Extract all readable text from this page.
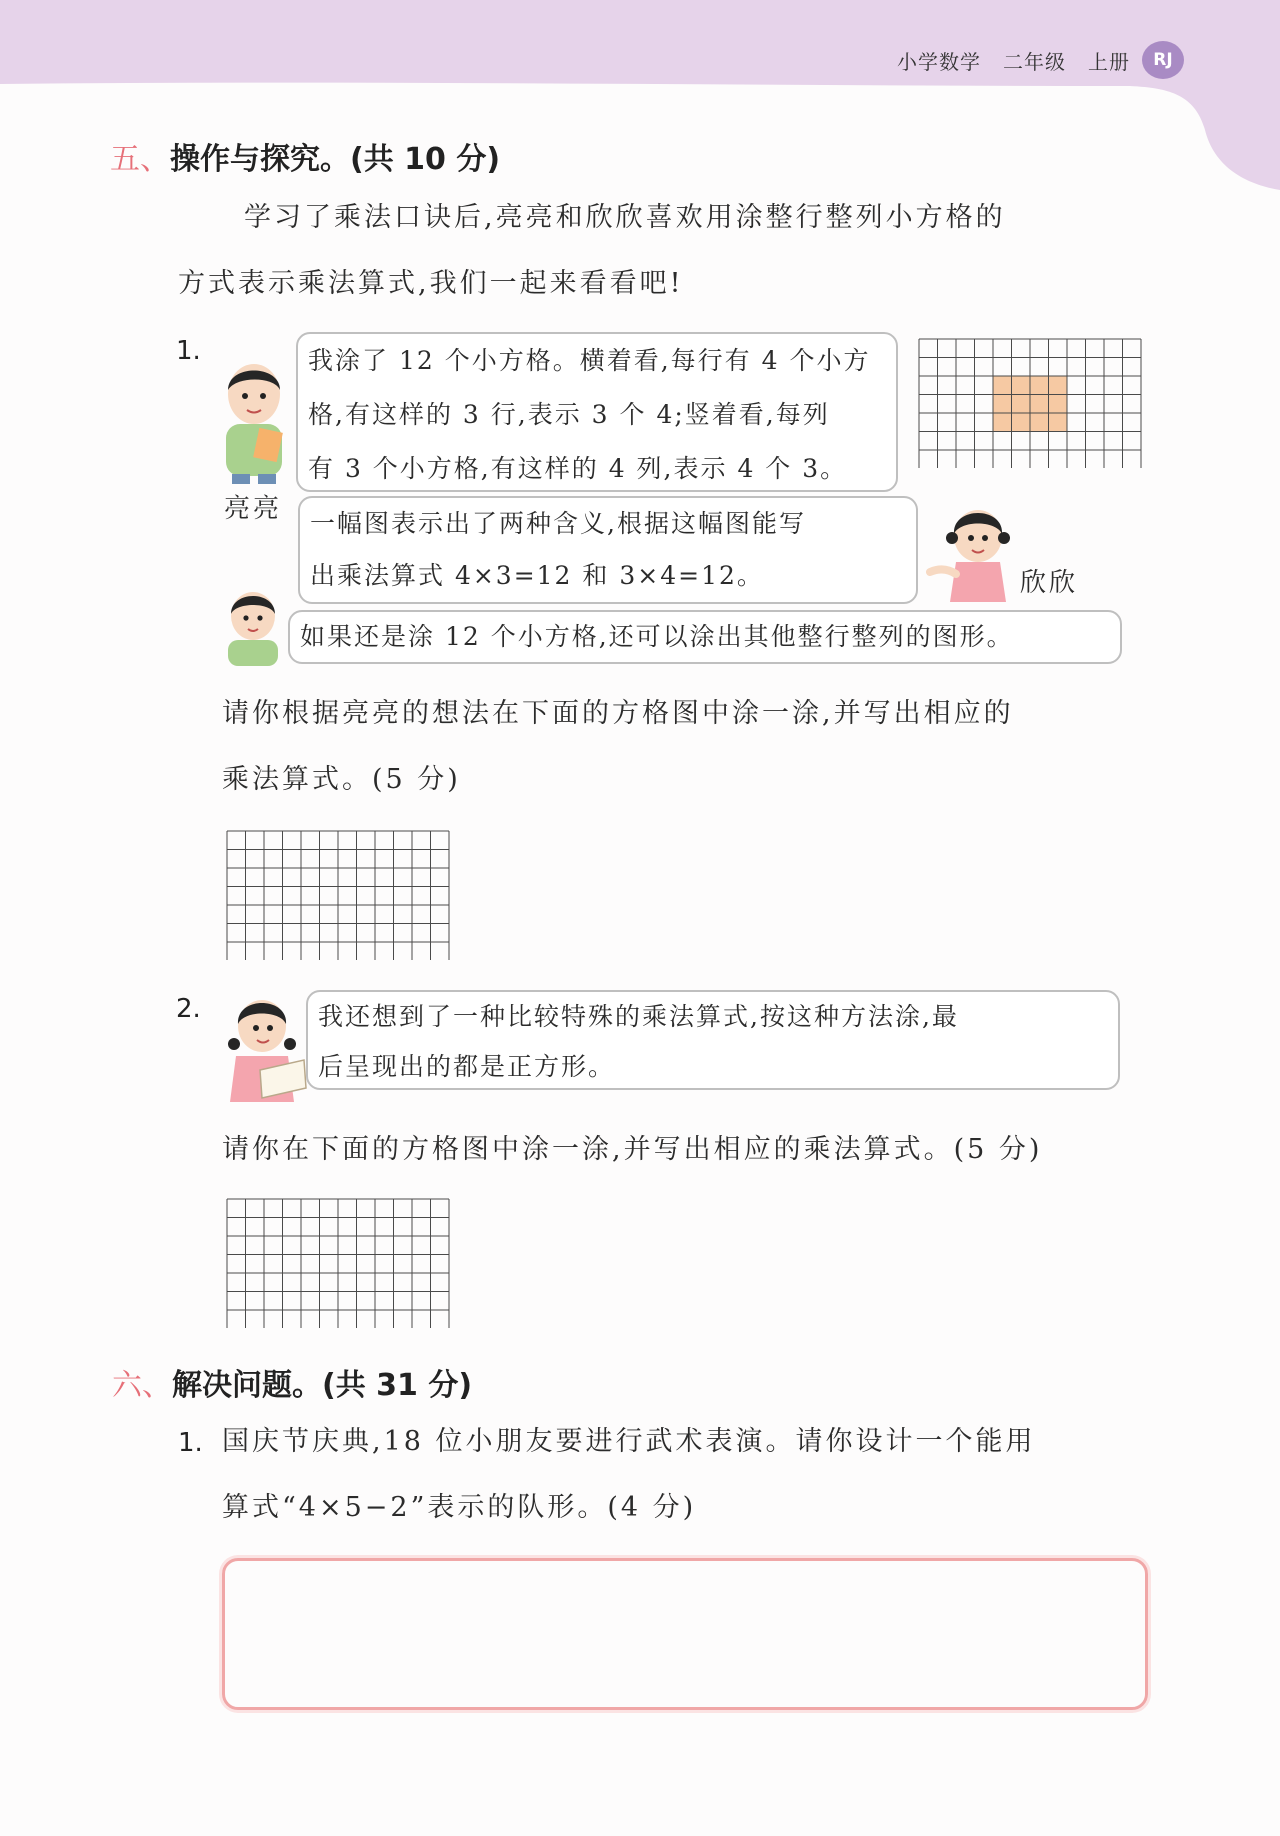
小学数学 二年级 上册	RJ
五、操作与探究。(共 10 分)
学习了乘法口诀后,亮亮和欣欣喜欢用涂整行整列小方格的
方式表示乘法算式,我们一起来看看吧!
1.
亮亮
我涂了 12 个小方格。横着看,每行有 4 个小方
格,有这样的 3 行,表示 3 个 4;竖着看,每列
有 3 个小方格,有这样的 4 列,表示 4 个 3。
一幅图表示出了两种含义,根据这幅图能写
出乘法算式 4×3=12 和 3×4=12。	欣欣
如果还是涂 12 个小方格,还可以涂出其他整行整列的图形。
请你根据亮亮的想法在下面的方格图中涂一涂,并写出相应的
乘法算式。(5 分)
2.	我还想到了一种比较特殊的乘法算式,按这种方法涂,最
后呈现出的都是正方形。
请你在下面的方格图中涂一涂,并写出相应的乘法算式。(5 分)
六、解决问题。(共 31 分)
1. 国庆节庆典,18 位小朋友要进行武术表演。请你设计一个能用
算式“4×5−2”表示的队形。(4 分)
